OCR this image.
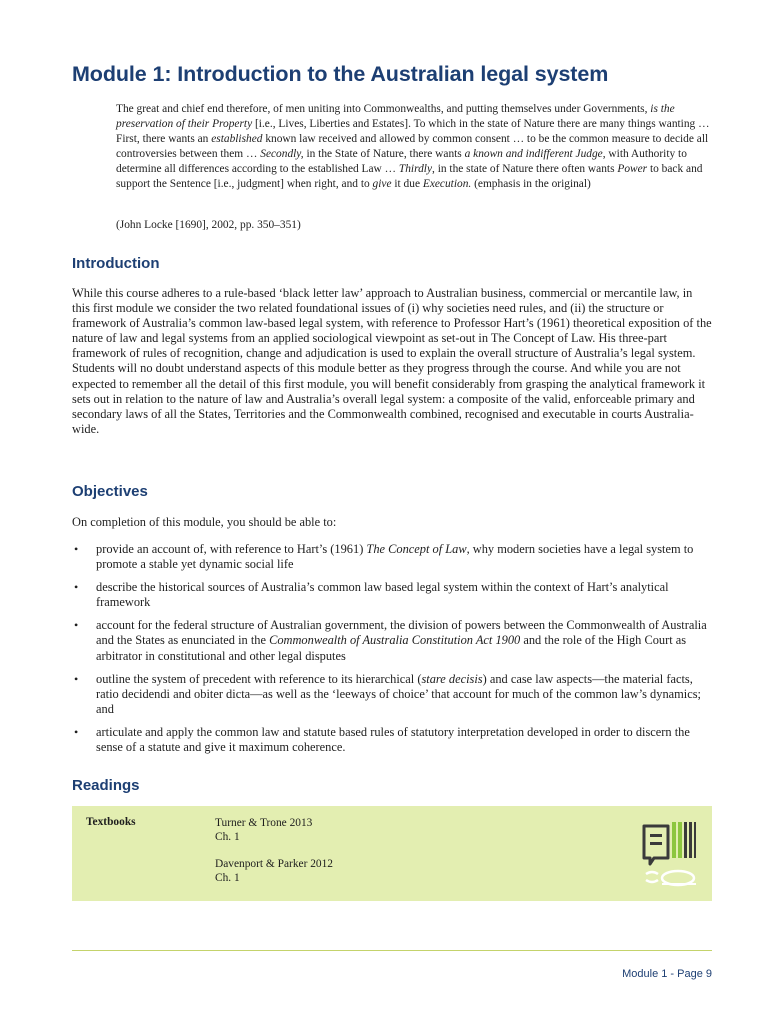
Module 1: Introduction to the Australian legal system

The great and chief end therefore, of men uniting into Commonwealths, and putting themselves under Governments, is the preservation of their Property [i.e., Lives, Liberties and Estates]. To which in the state of Nature there are many things wanting … First, there wants an established known law received and allowed by common consent … to be the common measure to decide all controversies between them … Secondly, in the State of Nature, there wants a known and indifferent Judge, with Authority to determine all differences according to the established Law … Thirdly, in the state of Nature there often wants Power to back and support the Sentence [i.e., judgment] when right, and to give it due Execution. (emphasis in the original)

(John Locke [1690], 2002, pp. 350–351)
Introduction

While this course adheres to a rule-based ‘black letter law’ approach to Australian business, commercial or mercantile law, in this first module we consider the two related foundational issues of (i) why societies need rules, and (ii) the structure or framework of Australia’s common law-based legal system, with reference to Professor Hart’s (1961) theoretical exposition of the nature of law and legal systems from an applied sociological viewpoint as set-out in The Concept of Law. His three-part framework of rules of recognition, change and adjudication is used to explain the overall structure of Australia’s legal system. Students will no doubt understand aspects of this module better as they progress through the course. And while you are not expected to remember all the detail of this first module, you will benefit considerably from grasping the analytical framework it sets out in relation to the nature of law and Australia’s overall legal system: a composite of the valid, enforceable primary and secondary laws of all the States, Territories and the Commonwealth combined, recognised and executable in courts Australia-wide.

Objectives
On completion of this module, you should be able to:
• provide an account of, with reference to Hart’s (1961) The Concept of Law, why modern societies have a legal system to promote a stable yet dynamic social life
• describe the historical sources of Australia’s common law based legal system within the context of Hart’s analytical framework
• account for the federal structure of Australian government, the division of powers between the Commonwealth of Australia and the States as enunciated in the Commonwealth of Australia Constitution Act 1900 and the role of the High Court as arbitrator in constitutional and other legal disputes
• outline the system of precedent with reference to its hierarchical (stare decisis) and case law aspects—the material facts, ratio decidendi and obiter dicta—as well as the ‘leeways of choice’ that account for much of the common law’s dynamics; and
• articulate and apply the common law and statute based rules of statutory interpretation developed in order to discern the sense of a statute and give it maximum coherence.
Readings
Textbooks	Turner & Trone 2013
Ch. 1
Davenport & Parker 2012
Ch. 1
Module 1 - Page 9
